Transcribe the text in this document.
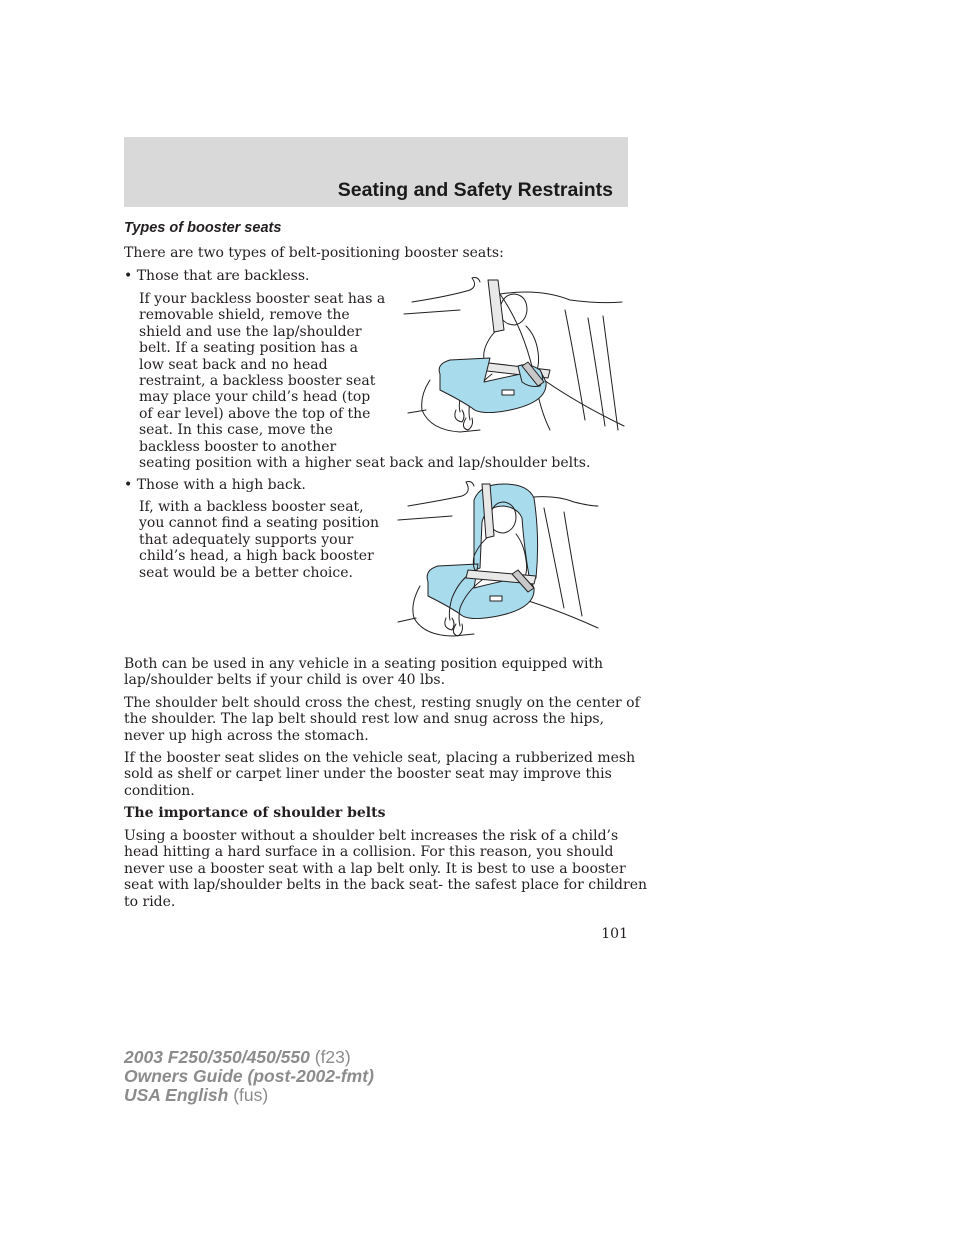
Seating and Safety Restraints
Types of booster seats
There are two types of belt-positioning booster seats:
• Those that are backless.
If your backless booster seat has a
removable shield, remove the
shield and use the lap/shoulder
belt. If a seating position has a
low seat back and no head
restraint, a backless booster seat
may place your child’s head (top
of ear level) above the top of the
seat. In this case, move the
backless booster to another
seating position with a higher seat back and lap/shoulder belts.
• Those with a high back.
If, with a backless booster seat,
you cannot find a seating position
that adequately supports your
child’s head, a high back booster
seat would be a better choice.
Both can be used in any vehicle in a seating position equipped with
lap/shoulder belts if your child is over 40 lbs.
The shoulder belt should cross the chest, resting snugly on the center of
the shoulder. The lap belt should rest low and snug across the hips,
never up high across the stomach.
If the booster seat slides on the vehicle seat, placing a rubberized mesh
sold as shelf or carpet liner under the booster seat may improve this
condition.
The importance of shoulder belts
Using a booster without a shoulder belt increases the risk of a child’s
head hitting a hard surface in a collision. For this reason, you should
never use a booster seat with a lap belt only. It is best to use a booster
seat with lap/shoulder belts in the back seat- the safest place for children
to ride.
101
2003 F250/350/450/550 (f23)
Owners Guide (post-2002-fmt)
USA English (fus)
